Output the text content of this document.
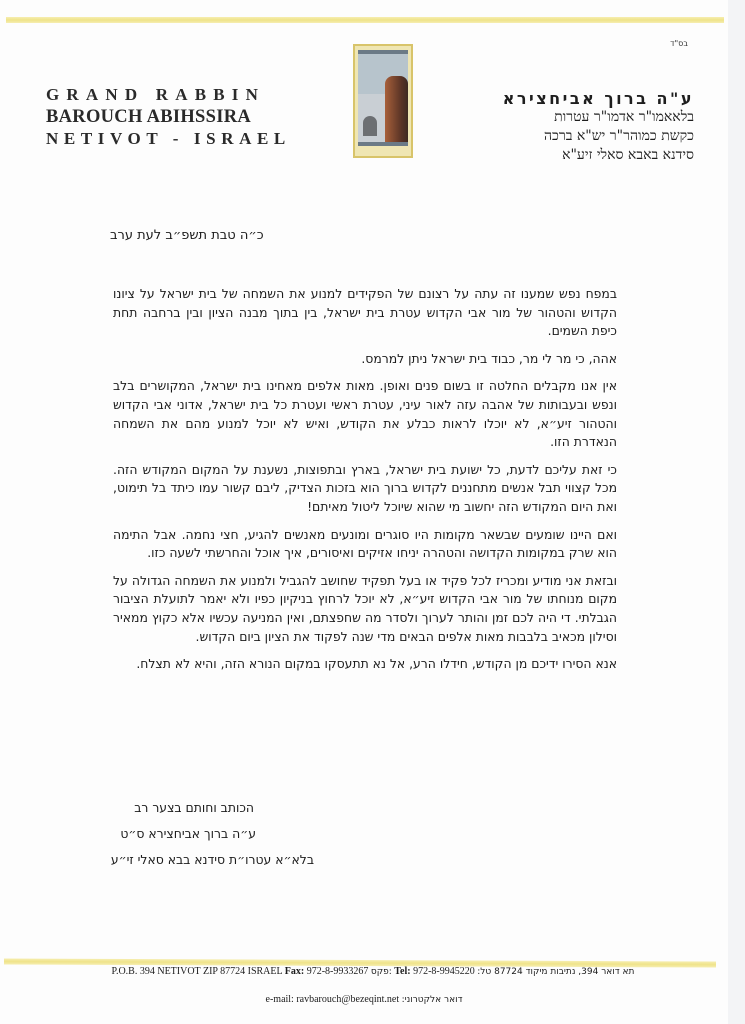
בס"ד
GRAND RABBIN
BAROUCH ABIHSSIRA
NETIVOT - ISRAEL
ע"ה ברוך אביחצירא
בלאאמו"ר אדמו"ר עטרות
כקשת כמוהר"ר יש"א ברכה
סידנא באבא סאלי זיע"א
כ״ה טבת תשפ״ב לעת ערב

במפח נפש שמענו זה עתה על רצונם של הפקידים למנוע את השמחה של בית ישראל על ציונו הקדוש והטהור של מור אבי הקדוש עטרת בית ישראל, בין בתוך מבנה הציון ובין ברחבה תחת כיפת השמים.

אהה, כי מר לי מר, כבוד בית ישראל ניתן למרמס.

אין אנו מקבלים החלטה זו בשום פנים ואופן. מאות אלפים מאחינו בית ישראל, המקושרים בלב ונפש ובעבותות של אהבה עזה לאור עיני, עטרת ראשי ועטרת כל בית ישראל, אדוני אבי הקדוש והטהור זיע״א, לא יוכלו לראות כבלע את הקודש, ואיש לא יוכל למנוע מהם את השמחה הנאדרת הזו.

כי זאת עליכם לדעת, כל ישועת בית ישראל, בארץ ובתפוצות, נשענת על המקום המקודש הזה. מכל קצווי תבל אנשים מתחננים לקדוש ברוך הוא בזכות הצדיק, ליבם קשור עמו כיתד בל תימוט, ואת היום המקודש הזה יחשוב מי שהוא שיוכל ליטול מאיתם!

ואם היינו שומעים שבשאר מקומות היו סוגרים ומונעים מאנשים להגיע, חצי נחמה. אבל התימה הוא שרק במקומות הקדושה והטהרה יניחו אזיקים ואיסורים, איך אוכל והחרשתי לשעה כזו.

ובזאת אני מודיע ומכריז לכל פקיד או בעל תפקיד שחושב להגביל ולמנוע את השמחה הגדולה על מקום מנוחתו של מור אבי הקדוש זיע״א, לא יוכל לרחוץ בניקיון כפיו ולא יאמר לתועלת הציבור הגבלתי. די היה לכם זמן והותר לערוך ולסדר מה שחפצתם, ואין המניעה עכשיו אלא כקוץ ממאיר וסילון מכאיב בלבבות מאות אלפים הבאים מדי שנה לפקוד את הציון ביום הקדוש.

אנא הסירו ידיכם מן הקודש, חידלו הרע, אל נא תתעסקו במקום הנורא הזה, והיא לא תצלח.

הכותב וחותם בצער רב
ע״ה ברוך אביחצירא ס״ט
בלא״א עטרו״ת סידנא בבא סאלי זי״ע
P.O.B. 394 NETIVOT ZIP 87724 ISRAEL Fax: 972-8-9933267 :פקס Tel: 972-8-9945220 תא דואר 394, נתיבות מיקוד 87724 טל:
e-mail: ravbarouch@bezeqint.net דואר אלקטרוני:
